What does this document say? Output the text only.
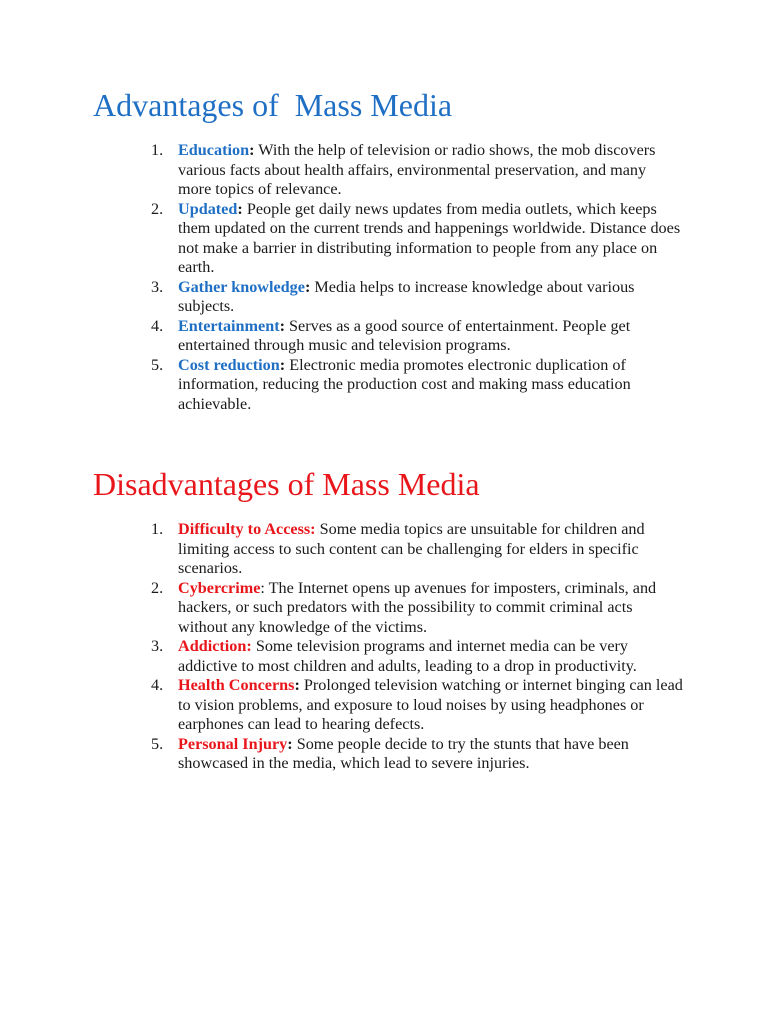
Advantages of  Mass Media
1. Education: With the help of television or radio shows, the mob discovers various facts about health affairs, environmental preservation, and many more topics of relevance.
2. Updated: People get daily news updates from media outlets, which keeps them updated on the current trends and happenings worldwide. Distance does not make a barrier in distributing information to people from any place on earth.
3. Gather knowledge: Media helps to increase knowledge about various subjects.
4. Entertainment: Serves as a good source of entertainment. People get entertained through music and television programs.
5. Cost reduction: Electronic media promotes electronic duplication of information, reducing the production cost and making mass education achievable.
Disadvantages of Mass Media
1. Difficulty to Access: Some media topics are unsuitable for children and limiting access to such content can be challenging for elders in specific scenarios.
2. Cybercrime: The Internet opens up avenues for imposters, criminals, and hackers, or such predators with the possibility to commit criminal acts without any knowledge of the victims.
3. Addiction: Some television programs and internet media can be very addictive to most children and adults, leading to a drop in productivity.
4. Health Concerns: Prolonged television watching or internet binging can lead to vision problems, and exposure to loud noises by using headphones or earphones can lead to hearing defects.
5. Personal Injury: Some people decide to try the stunts that have been showcased in the media, which lead to severe injuries.
